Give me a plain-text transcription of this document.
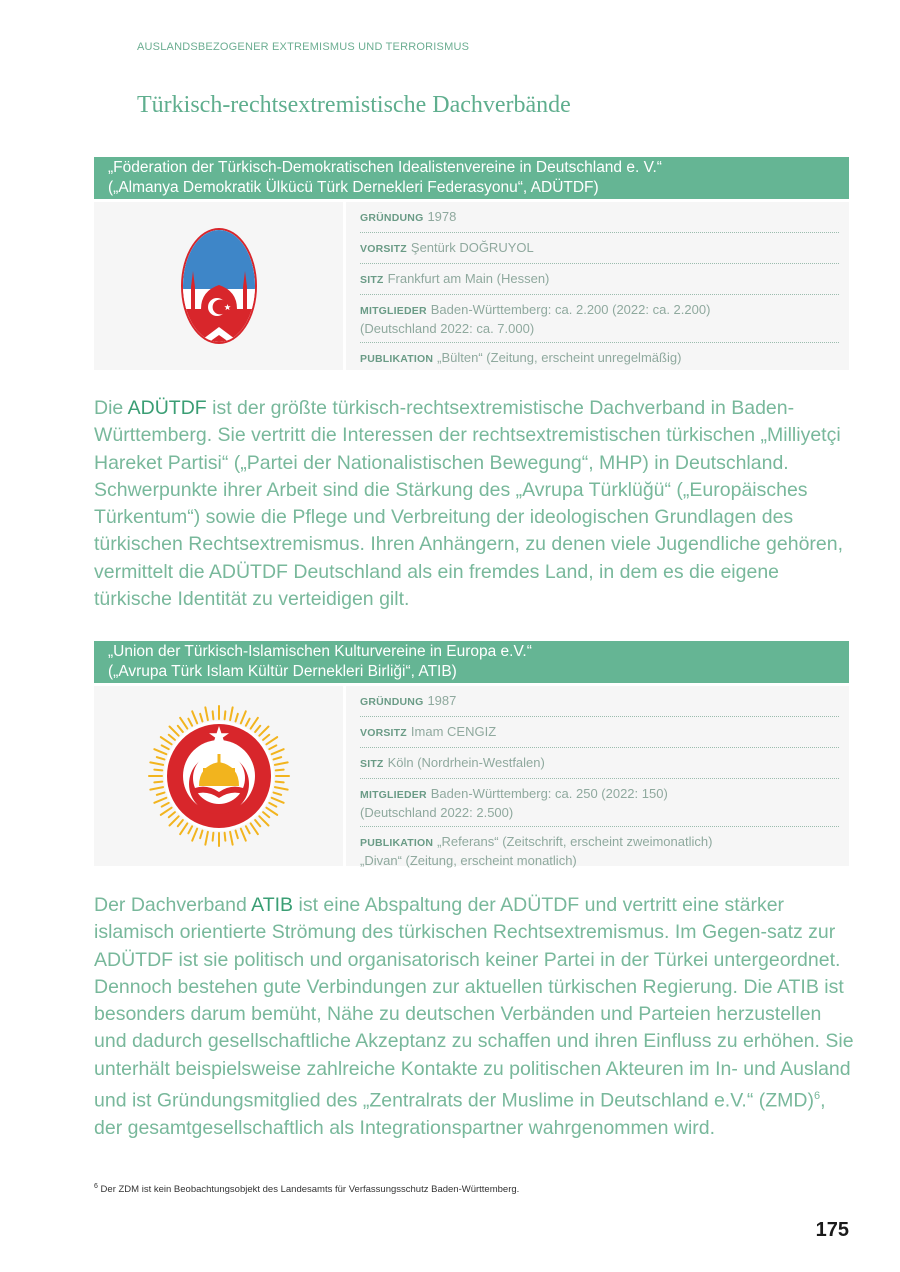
AUSLANDSBEZOGENER EXTREMISMUS UND TERRORISMUS
Türkisch-rechtsextremistische Dachverbände
„Föderation der Türkisch-Demokratischen Idealistenvereine in Deutschland e. V.“
(„Almanya Demokratik Ülkücü Türk Dernekleri Federasyonu“, ADÜTDF)
GRÜNDUNG 1978
VORSITZ Şentürk DOĞRUYOL
SITZ Frankfurt am Main (Hessen)
MITGLIEDER Baden-Württemberg: ca. 2.200 (2022: ca. 2.200)
(Deutschland 2022: ca. 7.000)
PUBLIKATION „Bülten“ (Zeitung, erscheint unregelmäßig)

Die ADÜTDF ist der größte türkisch-rechtsextremistische Dachverband in Baden-Württemberg. Sie vertritt die Interessen der rechtsextremistischen türkischen „Milliyetçi Hareket Partisi“ („Partei der Nationalistischen Bewegung“, MHP) in Deutschland. Schwerpunkte ihrer Arbeit sind die Stärkung des „Avrupa Türklüğü“ („Europäisches Türkentum“) sowie die Pflege und Verbreitung der ideologischen Grundlagen des türkischen Rechtsextremismus. Ihren Anhängern, zu denen viele Jugendliche gehören, vermittelt die ADÜTDF Deutschland als ein fremdes Land, in dem es die eigene türkische Identität zu verteidigen gilt.

„Union der Türkisch-Islamischen Kulturvereine in Europa e.V.“
(„Avrupa Türk Islam Kültür Dernekleri Birliği“, ATIB)
GRÜNDUNG 1987
VORSITZ Imam CENGIZ
SITZ Köln (Nordrhein-Westfalen)
MITGLIEDER Baden-Württemberg: ca. 250 (2022: 150)
(Deutschland 2022: 2.500)
PUBLIKATION „Referans“ (Zeitschrift, erscheint zweimonatlich)
„Divan“ (Zeitung, erscheint monatlich)

Der Dachverband ATIB ist eine Abspaltung der ADÜTDF und vertritt eine stärker islamisch orientierte Strömung des türkischen Rechtsextremismus. Im Gegen-satz zur ADÜTDF ist sie politisch und organisatorisch keiner Partei in der Türkei untergeordnet. Dennoch bestehen gute Verbindungen zur aktuellen türkischen Regierung. Die ATIB ist besonders darum bemüht, Nähe zu deutschen Verbänden und Parteien herzustellen und dadurch gesellschaftliche Akzeptanz zu schaffen und ihren Einfluss zu erhöhen. Sie unterhält beispielsweise zahlreiche Kontakte zu politischen Akteuren im In- und Ausland und ist Gründungsmitglied des „Zentralrats der Muslime in Deutschland e.V.“ (ZMD)$^6$, der gesamtgesellschaftlich als Integrationspartner wahrgenommen wird.

$^6$ Der ZDM ist kein Beobachtungsobjekt des Landesamts für Verfassungsschutz Baden-Württemberg.
175
